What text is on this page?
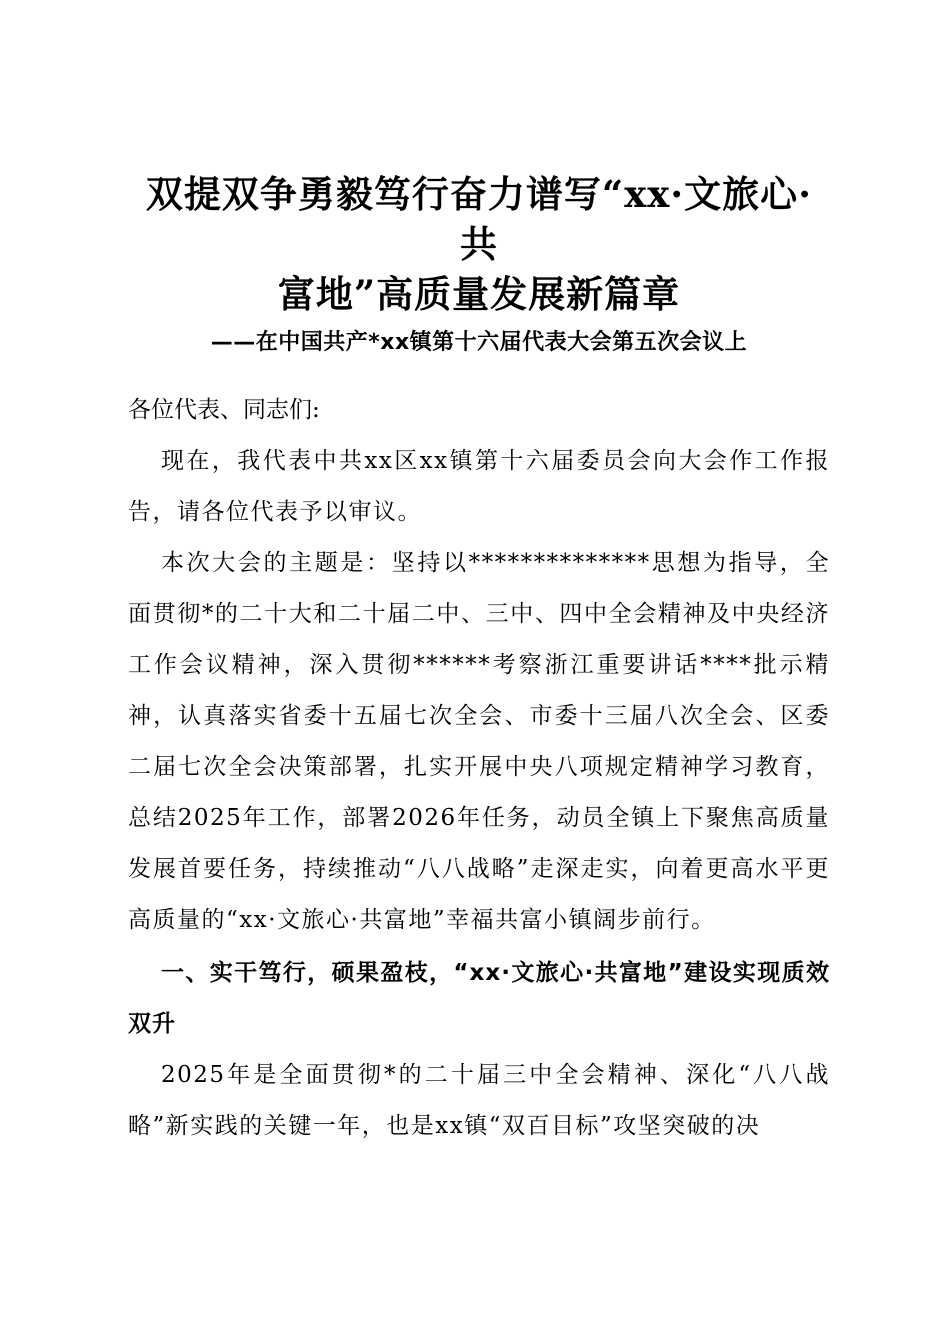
双提双争勇毅笃行奋力谱写“xx·文旅心·共
富地”高质量发展新篇章

——在中国共产*xx镇第十六届代表大会第五次会议上

各位代表、同志们:

现在，我代表中共xx区xx镇第十六届委员会向大会作工作报告，请各位代表予以审议。

本次大会的主题是：坚持以**************思想为指导，全面贯彻*的二十大和二十届二中、三中、四中全会精神及中央经济工作会议精神，深入贯彻******考察浙江重要讲话****批示精神，认真落实省委十五届七次全会、市委十三届八次全会、区委二届七次全会决策部署，扎实开展中央八项规定精神学习教育，总结2025年工作，部署2026年任务，动员全镇上下聚焦高质量发展首要任务，持续推动“八八战略”走深走实，向着更高水平更高质量的“xx·文旅心·共富地”幸福共富小镇阔步前行。

一、实干笃行，硕果盈枝，“xx·文旅心·共富地”建设实现质效双升

2025年是全面贯彻*的二十届三中全会精神、深化“八八战略”新实践的关键一年，也是xx镇“双百目标”攻坚突破的决
